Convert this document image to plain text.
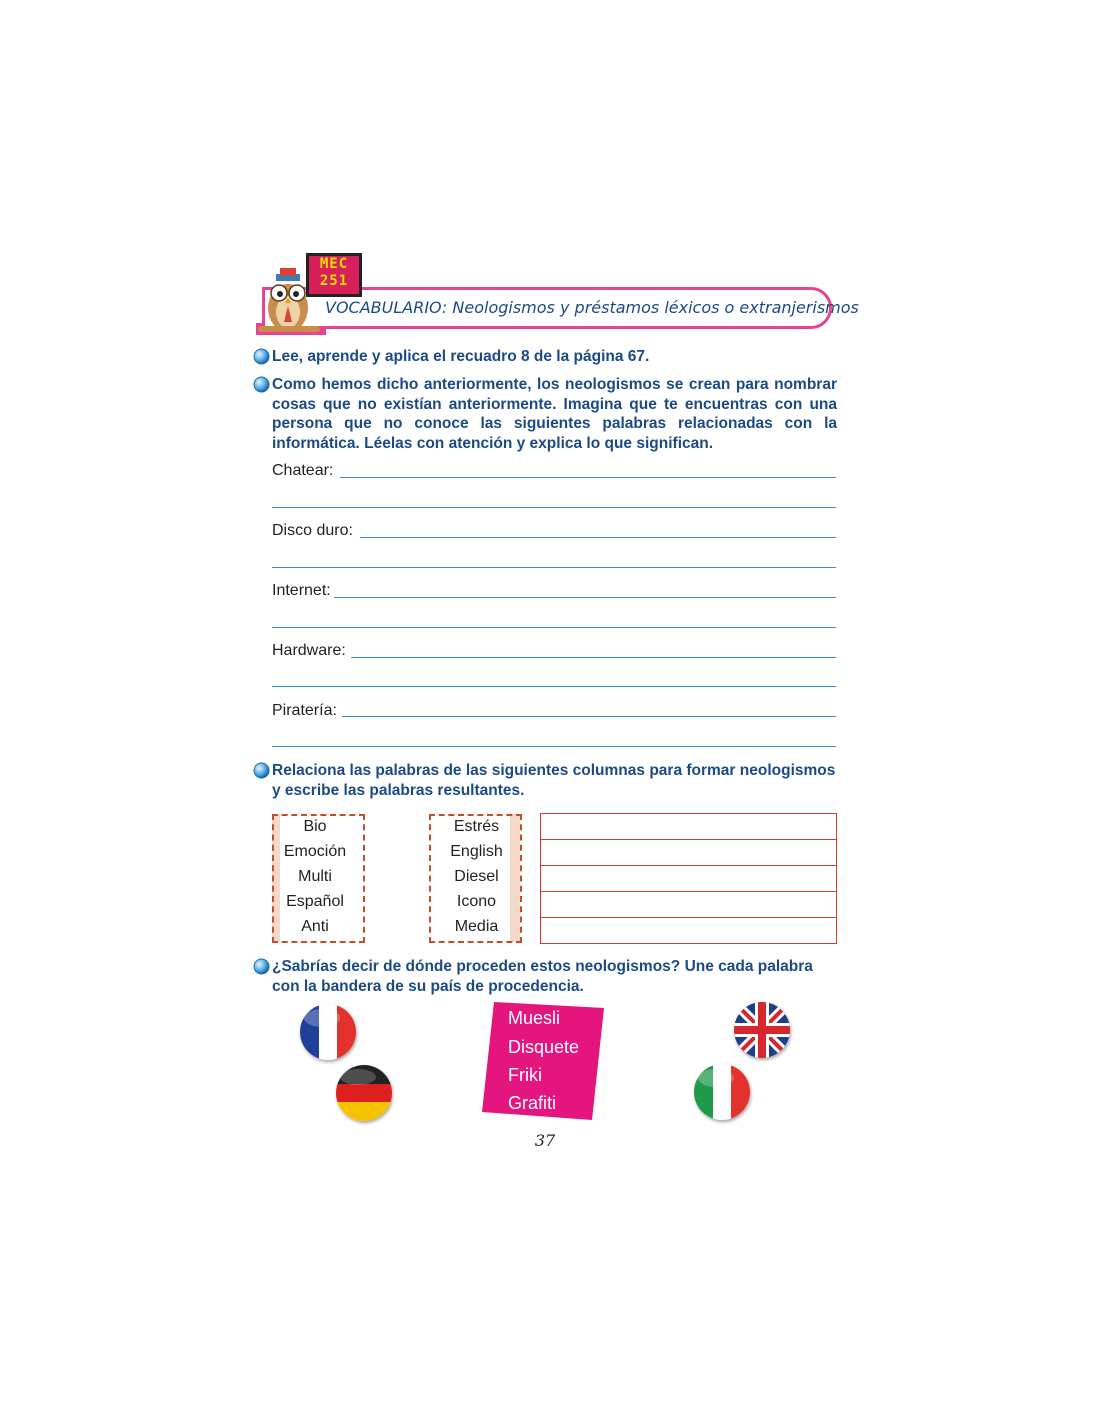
VOCABULARIO: Neologismos y préstamos léxicos o extranjerismos
MEC
251
Lee, aprende y aplica el recuadro 8 de la página 67.
Como hemos dicho anteriormente, los neologismos se crean para nombrar cosas que no existían anteriormente. Imagina que te encuentras con una persona que no conoce las siguientes palabras relacionadas con la informática. Léelas con atención y explica lo que significan.
Relaciona las palabras de las siguientes columnas para formar neologismos y escribe las palabras resultantes.
¿Sabrías decir de dónde proceden estos neologismos? Une cada palabra con la bandera de su país de procedencia.
Chatear:
Disco duro:
Internet:
Hardware:
Piratería:
Bio
Emoción
Multi
Español
Anti
Estrés
English
Diesel
Icono
Media
Muesli
Disquete
Friki
Grafiti
37
